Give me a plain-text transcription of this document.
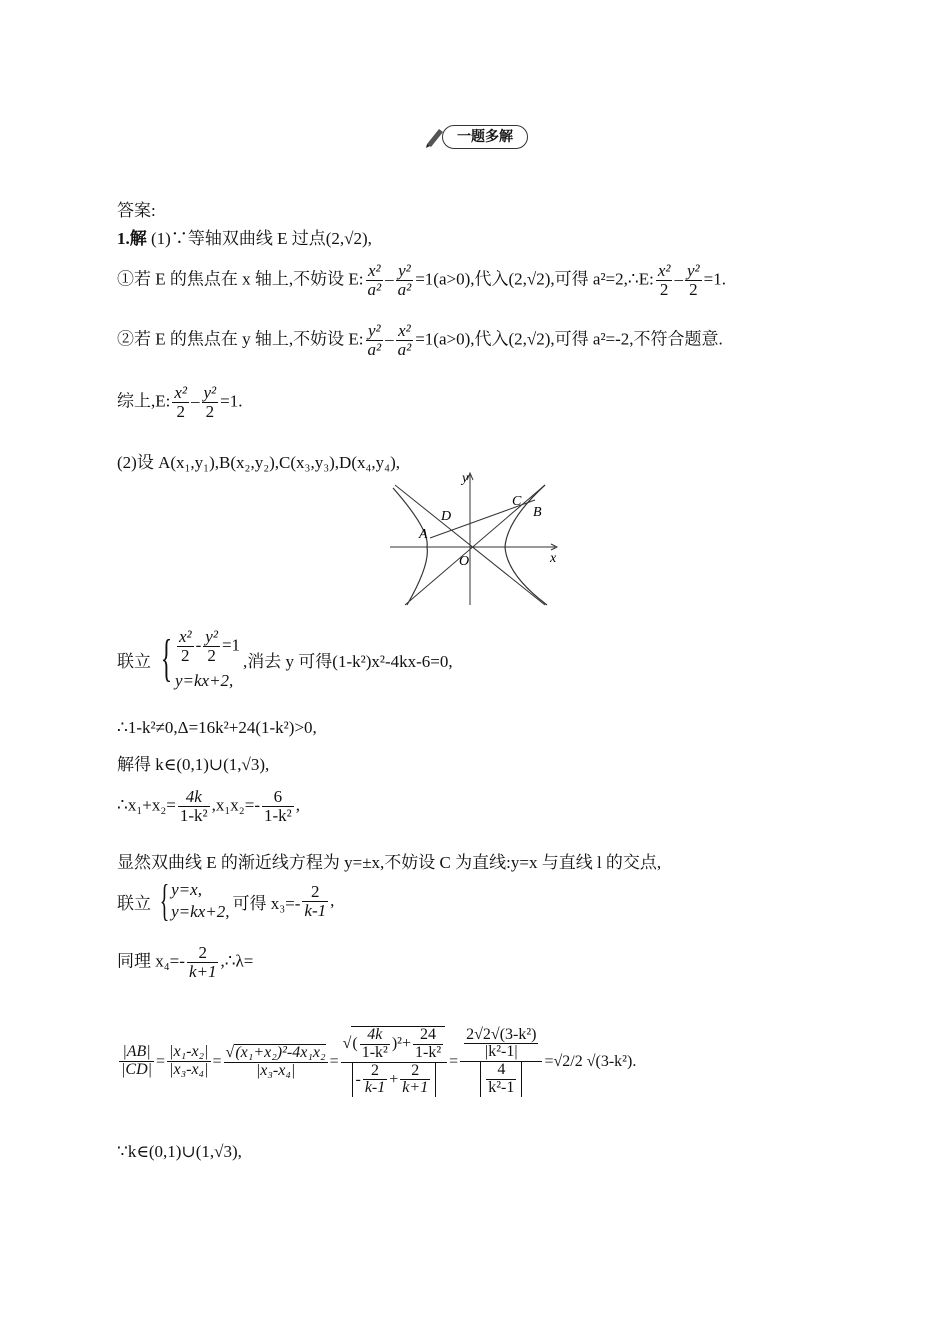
一题多解
答案:
1.解 (1)∵等轴双曲线 E 过点(2,√2),
①若 E 的焦点在 x 轴上,不妨设 E: $\frac{\text{x²}}{\text{a²}} - \frac{\text{y²}}{\text{a²}} =1(a>0)$,代入(2,√2),可得 a²=2,∴E: $\frac{\text{x²}}{2} - \frac{\text{y²}}{2} =1$.
②若 E 的焦点在 y 轴上,不妨设 E: $\frac{\text{y²}}{\text{a²}} - \frac{\text{x²}}{\text{a²}} =1(a>0)$,代入(2,√2),可得 a²=-2,不符合题意.
综上,E: $\frac{\text{x²}}{2} - \frac{\text{y²}}{2} =1$.
(2)设 A(x₁,y₁),B(x₂,y₂),C(x₃,y₃),D(x₄,y₄),
y
x
O
A
B
C
D
联立 { $\frac{\text{x²}}{2} - \frac{\text{y²}}{2} =1$
y=kx+2,
,消去 y 可得(1-k²)x²-4kx-6=0,
∴1-k²≠0,Δ=16k²+24(1-k²)>0,
解得 k∈(0,1)∪(1,√3),
∴x₁+x₂= $\frac{4k}{\text{1-k²}} ,x_1x_2=- \frac{6}{\text{1-k²}}$ ,
显然双曲线 E 的渐近线方程为 y=±x,不妨设 C 为直线:y=x 与直线 l 的交点,
联立 { y=x,
y=kx+2, 可得 $x_3=- \frac{2}{k-1}$ ,
同理 $x_4=- \frac{2}{k+1}$ ,∴λ=
$\frac{|AB|}{|CD|} = \frac{\text{|x₁-x₂|}}{\text{|x₃-x₄|}} = \frac{\text{√(x₁+x₂)²-4x₁x₂}}{\text{|x₃-x₄|}} = \frac{√( \frac{4k}{\text{1-k²}} )^2+ \frac{24}{\text{1-k²}}}{- \frac{2}{k-1} + \frac{2}{k+1}} = \frac{\frac{\text{2√2√(3-k²)}}{\text{|k²-1|}}}{\frac{4}{\text{k²-1}}} = √2/2$ √(3-k²) .
∵k∈(0,1)∪(1,√3),
